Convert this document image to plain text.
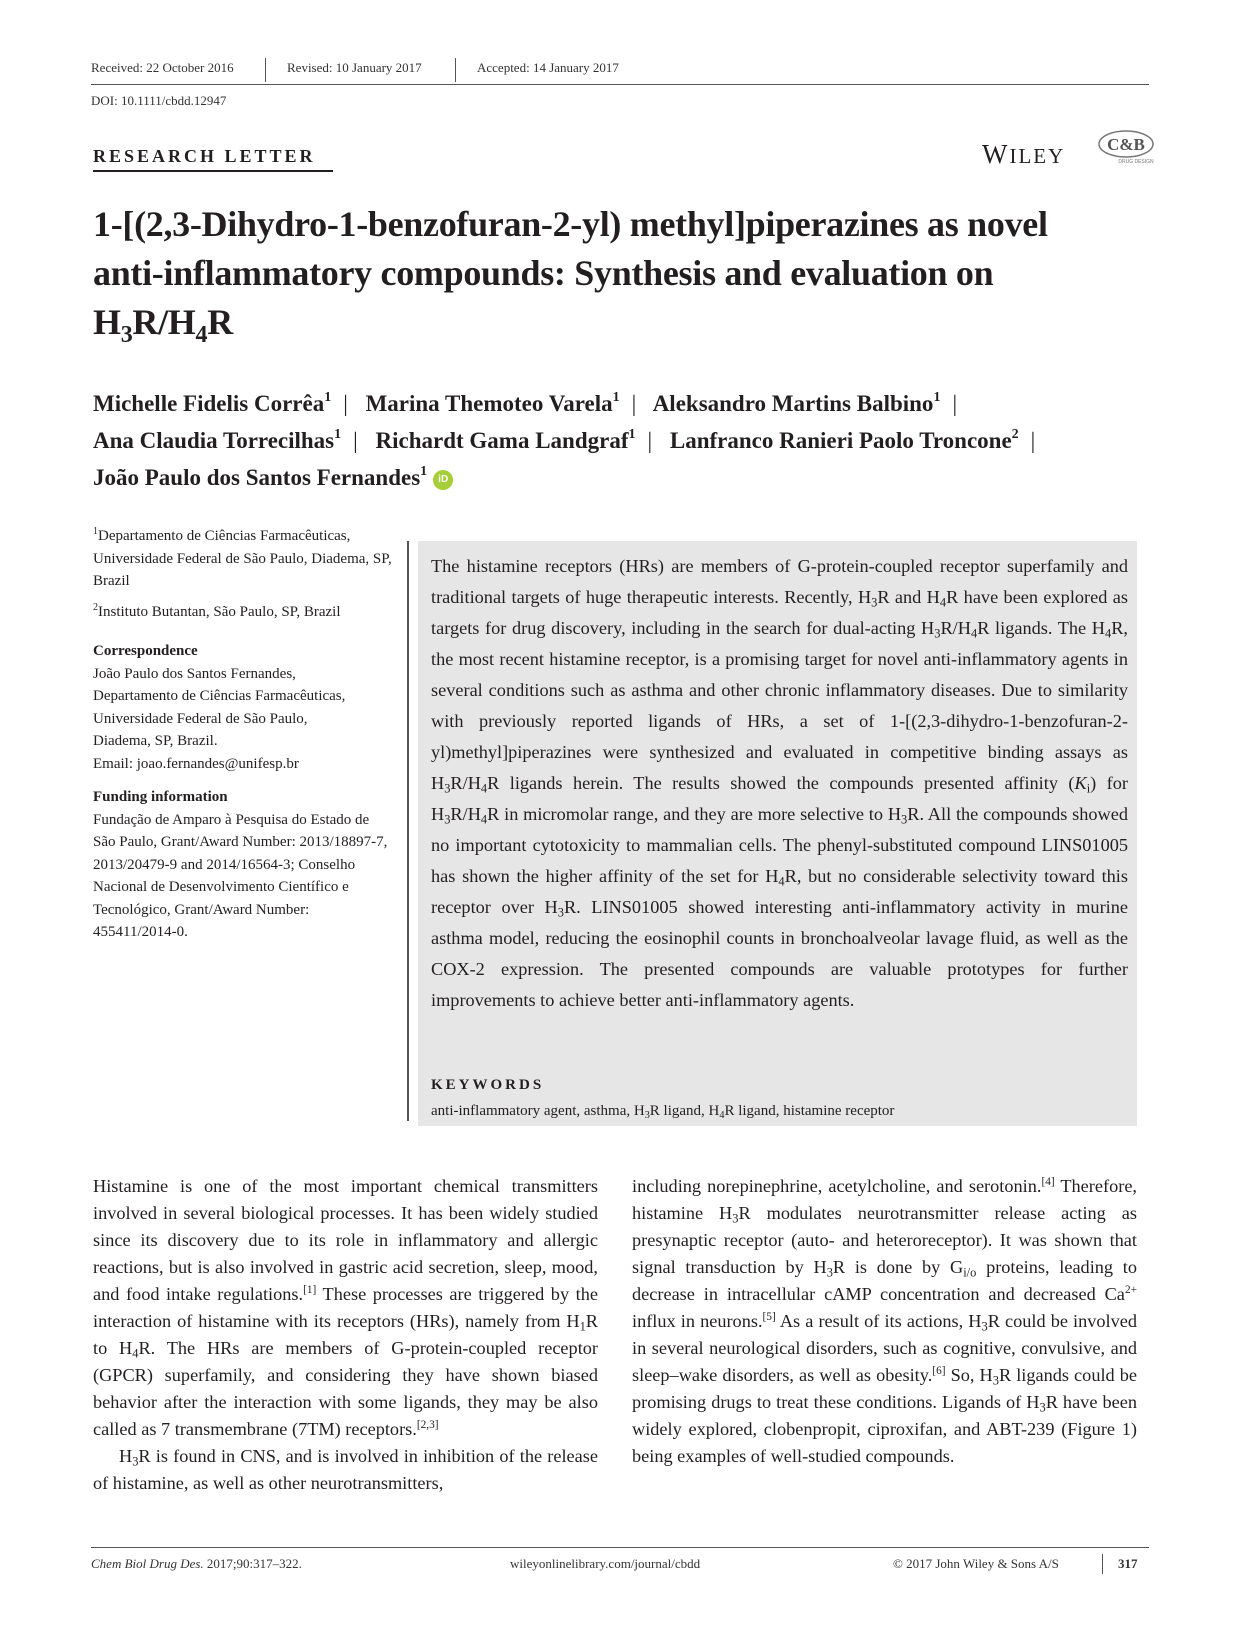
Received: 22 October 2016	Revised: 10 January 2017	Accepted: 14 January 2017
DOI: 10.1111/cbdd.12947
RESEARCH LETTER	WILEY C&B
DRUG DESIGN
1-[(2,3-Dihydro-1-benzofuran-2-yl) methyl]piperazines as novel
anti-inflammatory compounds: Synthesis and evaluation on
$H_3R/H_4R$
Michelle Fidelis Corrêa$^1$ | Marina Themoteo Varela$^1$ | Aleksandro Martins Balbino$^1$ |
Ana Claudia Torrecilhas$^1$ | Richardt Gama Landgraf$^1$ | Lanfranco Ranieri Paolo Troncone$^2$ |
João Paulo dos Santos Fernandes$^1$iD

$^1$Departamento de Ciências Farmacêuticas, Universidade Federal de São Paulo, Diadema, SP, Brazil

$^2$Instituto Butantan, São Paulo, SP, Brazil

Correspondence

João Paulo dos Santos Fernandes,

Departamento de Ciências Farmacêuticas,

Universidade Federal de São Paulo,

Diadema, SP, Brazil.

Email: joao.fernandes@unifesp.br

Funding information

Fundação de Amparo à Pesquisa do Estado de São Paulo, Grant/Award Number: 2013/18897-7, 2013/20479-9 and 2014/16564-3; Conselho Nacional de Desenvolvimento Científico e Tecnológico, Grant/Award Number: 455411/2014-0.

The histamine receptors (HRs) are members of G-protein-coupled receptor superfamily and traditional targets of huge therapeutic interests. Recently, $H_3R$ and $H_4R$ have been explored as targets for drug discovery, including in the search for dual-acting $H_3R/H_4R$ ligands. The $H_4R$, the most recent histamine receptor, is a promising target for novel anti-inflammatory agents in several conditions such as asthma and other chronic inflammatory diseases. Due to similarity with previously reported ligands of HRs, a set of 1-[(2,3-dihydro-1-benzofuran-2-yl)methyl]piperazines were synthesized and evaluated in competitive binding assays as $H_3R/H_4R$ ligands herein. The results showed the compounds presented affinity $(K_i)$ for $H_3R/H_4R$ in micromolar range, and they are more selective to $H_3R$. All the compounds showed no important cytotoxicity to mammalian cells. The phenyl-substituted compound LINS01005 has shown the higher affinity of the set for $H_4R$, but no considerable selectivity toward this receptor over $H_3R$. LINS01005 showed interesting anti-inflammatory activity in murine asthma model, reducing the eosinophil counts in bronchoalveolar lavage fluid, as well as the COX-2 expression. The presented compounds are valuable prototypes for further improvements to achieve better anti-inflammatory agents.

KEYWORDS
anti-inflammatory agent, asthma, $H_3R$ ligand, $H_4R$ ligand, histamine receptor

Histamine is one of the most important chemical transmitters involved in several biological processes. It has been widely studied since its discovery due to its role in inflammatory and allergic reactions, but is also involved in gastric acid secretion, sleep, mood, and food intake regulations.[1] These processes are triggered by the interaction of histamine with its receptors (HRs), namely from $H_1R$ to $H_4R$. The HRs are members of G-protein-coupled receptor (GPCR) superfamily, and considering they have shown biased behavior after the interaction with some ligands, they may be also called as 7 transmembrane (7TM) receptors.[2,3]

$H_3R$ is found in CNS, and is involved in inhibition of the release of histamine, as well as other neurotransmitters,

including norepinephrine, acetylcholine, and serotonin.[4] Therefore, histamine $H_3R$ modulates neurotransmitter release acting as presynaptic receptor (auto- and heteroreceptor). It was shown that signal transduction by $H_3R$ is done by $G_{i/o}$ proteins, leading to decrease in intracellular cAMP concentration and decreased $Ca^{2+}$ influx in neurons.[5] As a result of its actions, $H_3R$ could be involved in several neurological disorders, such as cognitive, convulsive, and sleep–wake disorders, as well as obesity.[6] So, $H_3R$ ligands could be promising drugs to treat these conditions. Ligands of $H_3R$ have been widely explored, clobenpropit, ciproxifan, and ABT-239 (Figure 1) being examples of well-studied compounds.

Chem Biol Drug Des. 2017;90:317–322.	wileyonlinelibrary.com/journal/cbdd	© 2017 John Wiley & Sons A/S	317
